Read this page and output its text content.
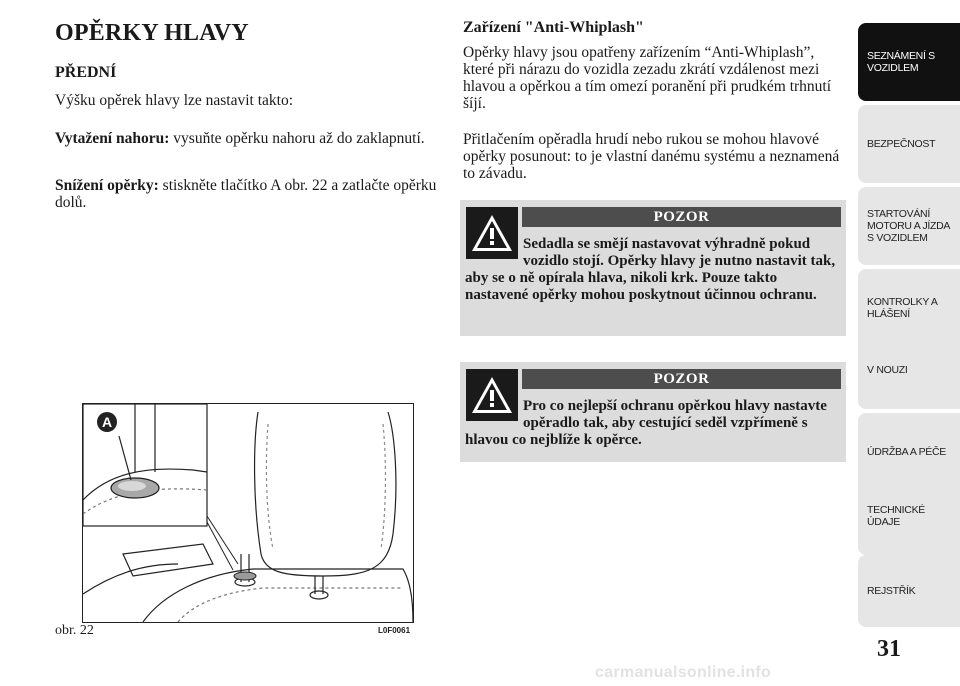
OPĚRKY HLAVY
PŘEDNÍ

Výšku opěrek hlavy lze nastavit takto:

Vytažení nahoru: vysuňte opěrku nahoru až do zaklapnutí.

Snížení opěrky: stiskněte tlačítko A obr. 22 a zatlačte opěrku dolů.

A
obr. 22	L0F0061
Zařízení "Anti-Whiplash"

Opěrky hlavy jsou opatřeny zařízením “Anti-Whiplash”, které při nárazu do vozidla zezadu zkrátí vzdálenost mezi hlavou a opěrkou a tím omezí poranění při prudkém trhnutí šíjí.

Přitlačením opěradla hrudí nebo rukou se mohou hlavové opěrky posunout: to je vlastní danému systému a neznamená to závadu.

POZOR

Sedadla se smějí nastavovat výhradně pokud vozidlo stojí. Opěrky hlavy je nutno nastavit tak, aby se o ně opírala hlava, nikoli krk. Pouze takto nastavené opěrky mohou poskytnout účinnou ochranu.

POZOR

Pro co nejlepší ochranu opěrkou hlavy nastavte opěradlo tak, aby cestující seděl vzpřímeně s hlavou co nejblíže k opěrce.

SEZNÁMENÍ S
VOZIDLEM
BEZPEČNOST
STARTOVÁNÍ
MOTORU A JÍZDA
S VOZIDLEM
KONTROLKY A
HLÁŠENÍ
V NOUZI
ÚDRŽBA A PÉČE
TECHNICKÉ
ÚDAJE
REJSTŘÍK
31
carmanualsonline.info
